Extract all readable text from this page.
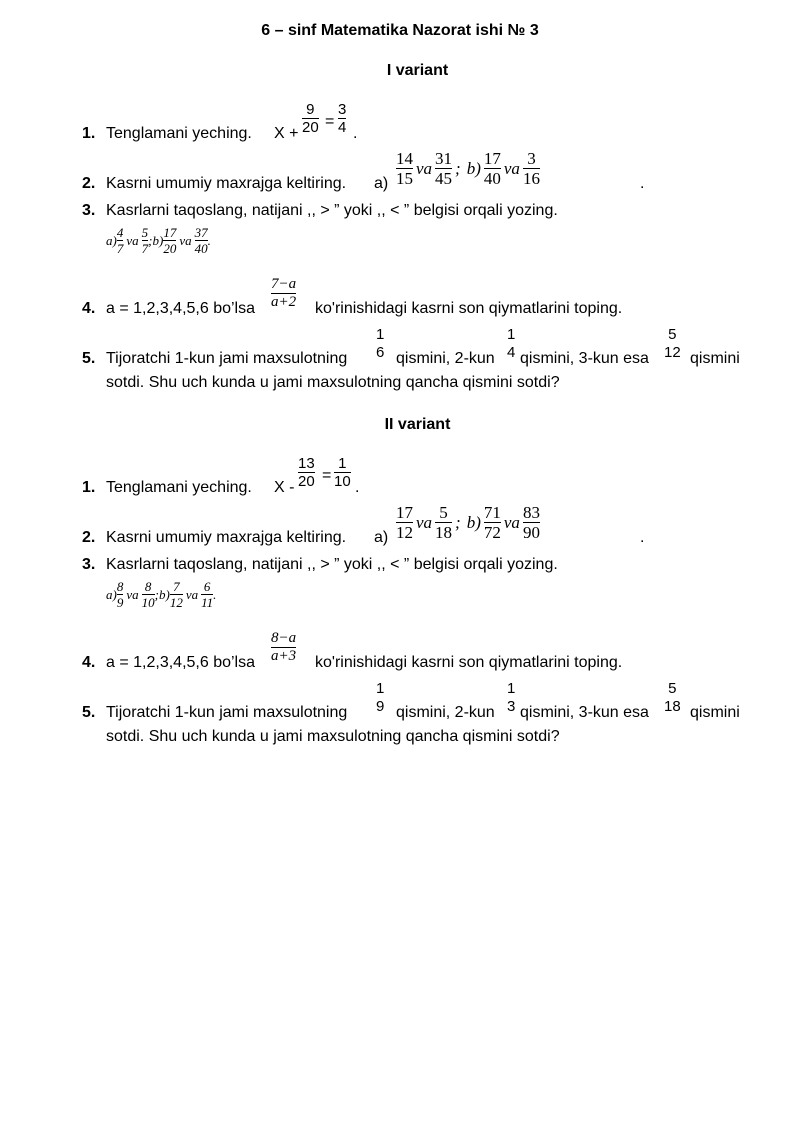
6 – sinf Matematika Nazorat ishi № 3
I variant
1. Tenglamani yeching. X +
9
20 =
3
4 .
2. Kasrni umumiy maxrajga keltiring. $a) \frac{14}{15}$ va $\frac{31}{45}$ ; $b) \frac{17}{40}$ va $\frac{3}{16}$	.
3. Kasrlarni taqoslang, natijani ,, > ” yoki ,, < ” belgisi orqali yozing.
$a) \frac{4}{7}$ va $\frac{5}{7}$ ; $b) \frac{17}{20}$ va $\frac{37}{40}$ .
4. a = 1,2,3,4,5,6 bo’lsa
7−a
a+2 ko'rinishidagi kasrni son qiymatlarini toping.
5. Tijoratchi 1-kun jami maxsulotning
1
6 qismini, 2-kun
1
4 qismini, 3-kun esa
5
12 qismini
sotdi. Shu uch kunda u jami maxsulotning qancha qismini sotdi?
II variant
1. Tenglamani yeching. X -
13
20 =
1
10 .
2. Kasrni umumiy maxrajga keltiring. $a) \frac{17}{12}$ va $\frac{5}{18}$ ; $b) \frac{71}{72}$ va $\frac{83}{90}$	.
3. Kasrlarni taqoslang, natijani ,, > ” yoki ,, < ” belgisi orqali yozing.
$a) \frac{8}{9}$ va $\frac{8}{10}$ ; $b) \frac{7}{12}$ va $\frac{6}{11}$ .
4. a = 1,2,3,4,5,6 bo’lsa
8−a
a+3 ko'rinishidagi kasrni son qiymatlarini toping.
5. Tijoratchi 1-kun jami maxsulotning
1
9 qismini, 2-kun
1
3 qismini, 3-kun esa
5
18 qismini
sotdi. Shu uch kunda u jami maxsulotning qancha qismini sotdi?
